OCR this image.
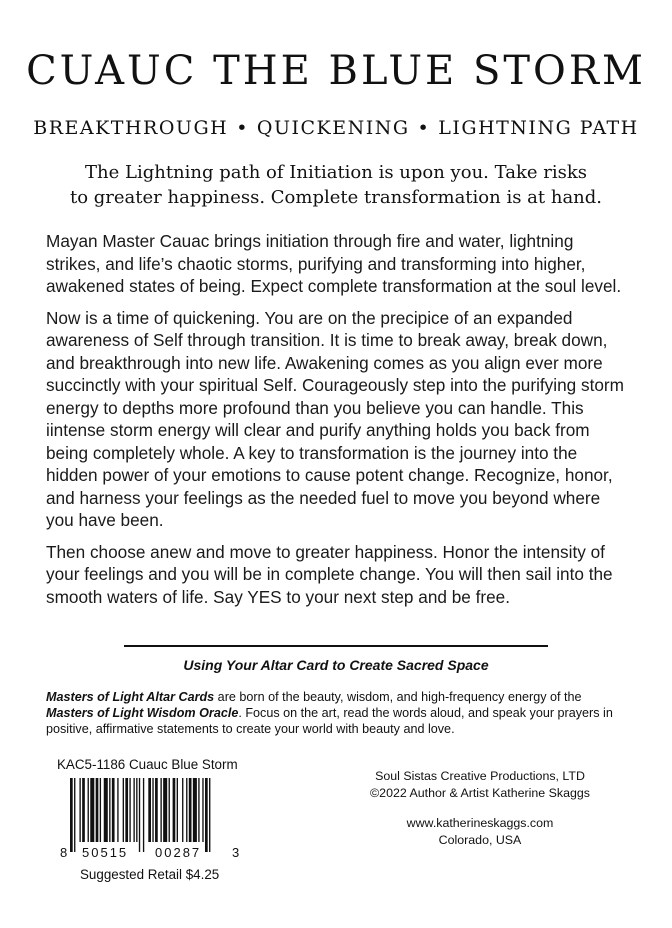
CUAUC THE BLUE STORM
BREAKTHROUGH • QUICKENING • LIGHTNING PATH
The Lightning path of Initiation is upon you. Take risks
to greater happiness. Complete transformation is at hand.

Mayan Master Cauac brings initiation through fire and water, lightning strikes, and life’s chaotic storms, purifying and transforming into higher, awakened states of being. Expect complete transformation at the soul level.

Now is a time of quickening. You are on the precipice of an expanded awareness of Self through transition. It is time to break away, break down, and breakthrough into new life. Awakening comes as you align ever more succinctly with your spiritual Self. Courageously step into the purifying storm energy to depths more profound than you believe you can handle. This iintense storm energy will clear and purify anything holds you back from being completely whole. A key to transformation is the journey into the hidden power of your emotions to cause potent change. Recognize, honor, and harness your feelings as the needed fuel to move you beyond where you have been.

Then choose anew and move to greater happiness. Honor the intensity of your feelings and you will be in complete change. You will then sail into the smooth waters of life. Say YES to your next step and be free.

Using Your Altar Card to Create Sacred Space
Masters of Light Altar Cards are born of the beauty, wisdom, and high-frequency energy of the Masters of Light Wisdom Oracle. Focus on the art, read the words aloud, and speak your prayers in positive, affirmative statements to create your world with beauty and love.
KAC5-1186 Cuauc Blue Storm
8 50515 00287 3
Suggested Retail $4.25
Soul Sistas Creative Productions, LTD
©2022 Author & Artist Katherine Skaggs
www.katherineskaggs.com
Colorado, USA
